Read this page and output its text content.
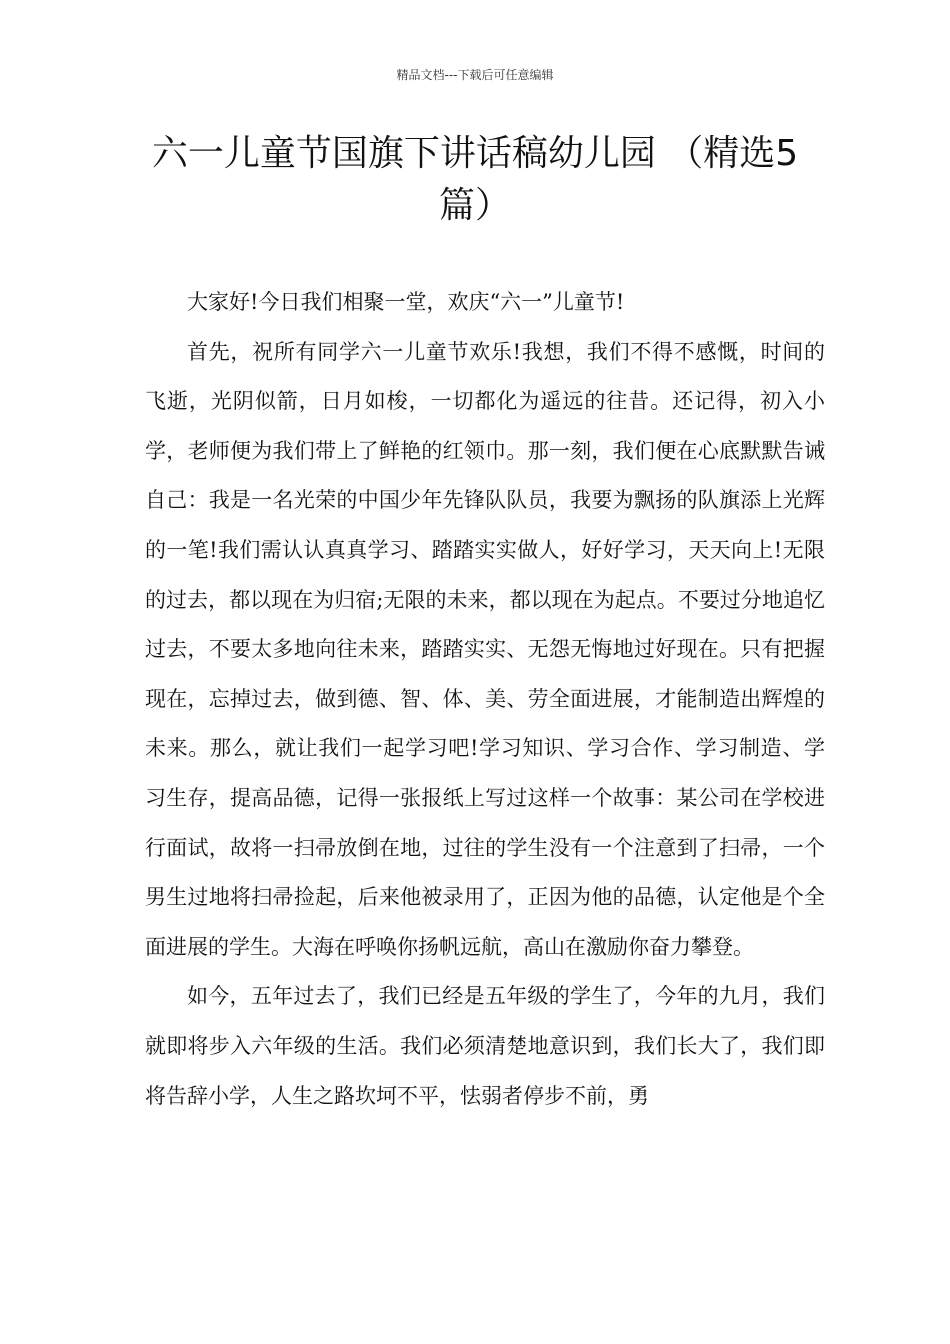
精品文档---下载后可任意编辑
六一儿童节国旗下讲话稿幼儿园 （精选5篇）

大家好!今日我们相聚一堂，欢庆“六一”儿童节!

首先，祝所有同学六一儿童节欢乐!我想，我们不得不感慨，时间的飞逝，光阴似箭，日月如梭，一切都化为遥远的往昔。还记得，初入小学，老师便为我们带上了鲜艳的红领巾。那一刻，我们便在心底默默告诫自己：我是一名光荣的中国少年先锋队队员，我要为飘扬的队旗添上光辉的一笔!我们需认认真真学习、踏踏实实做人，好好学习，天天向上!无限的过去，都以现在为归宿;无限的未来，都以现在为起点。不要过分地追忆过去，不要太多地向往未来，踏踏实实、无怨无悔地过好现在。只有把握现在，忘掉过去，做到德、智、体、美、劳全面进展，才能制造出辉煌的未来。那么，就让我们一起学习吧!学习知识、学习合作、学习制造、学习生存，提高品德，记得一张报纸上写过这样一个故事：某公司在学校进行面试，故将一扫帚放倒在地，过往的学生没有一个注意到了扫帚，一个男生过地将扫帚捡起，后来他被录用了，正因为他的品德，认定他是个全面进展的学生。大海在呼唤你扬帆远航，高山在激励你奋力攀登。

如今，五年过去了，我们已经是五年级的学生了，今年的九月，我们就即将步入六年级的生活。我们必须清楚地意识到，我们长大了，我们即将告辞小学，人生之路坎坷不平，怯弱者停步不前，勇
